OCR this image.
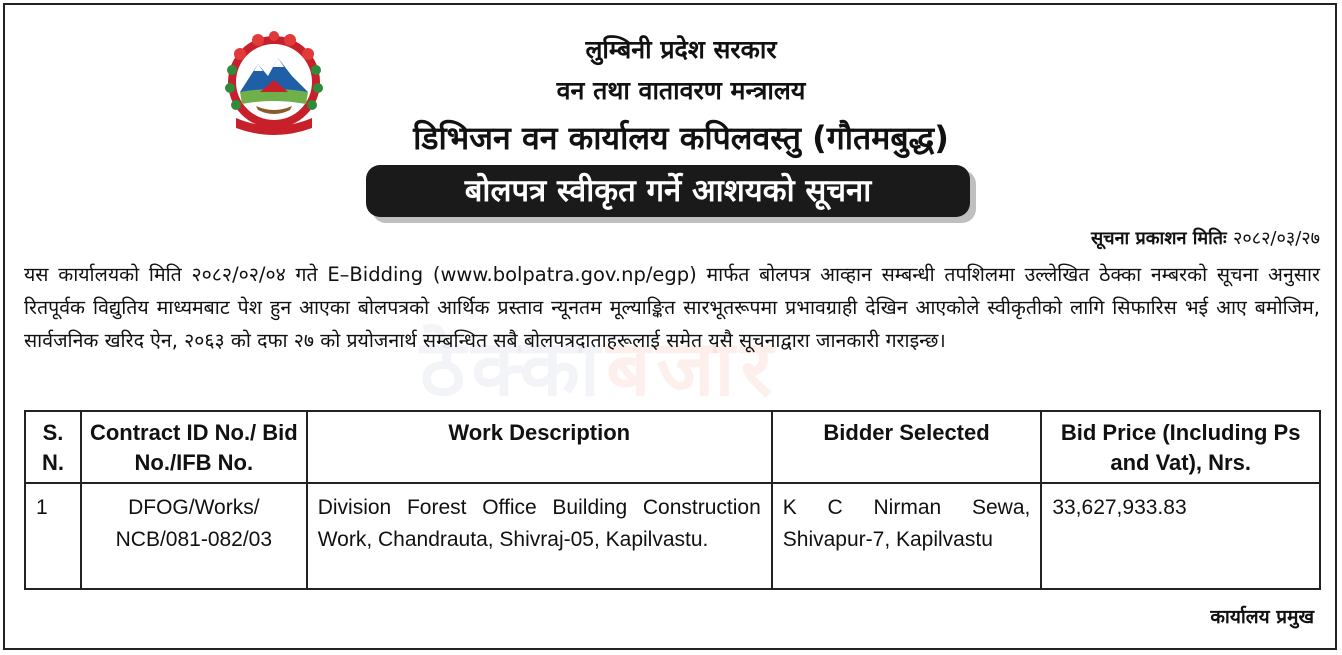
लुम्बिनी प्रदेश सरकार
वन तथा वातावरण मन्त्रालय
डिभिजन वन कार्यालय कपिलवस्तु (गौतमबुद्ध)
बोलपत्र स्वीकृत गर्ने आशयको सूचना
सूचना प्रकाशन मितिः २०८२/०३/२७
ठेक्काबजार
यस कार्यालयको मिति २०८२/०२/०४ गते E–Bidding (www.bolpatra.gov.np/egp) मार्फत बोलपत्र आव्हान सम्बन्धी तपशिलमा उल्लेखित ठेक्का नम्बरको सूचना अनुसार रितपूर्वक विद्युतिय माध्यमबाट पेश हुन आएका बोलपत्रको आर्थिक प्रस्ताव न्यूनतम मूल्याङ्कित सारभूतरूपमा प्रभावग्राही देखिन आएकोले स्वीकृतीको लागि सिफारिस भई आए बमोजिम, सार्वजनिक खरिद ऐन, २०६३ को दफा २७ को प्रयोजनार्थ सम्बन्धित सबै बोलपत्रदाताहरूलाई समेत यसै सूचनाद्वारा जानकारी गराइन्छ।
S. N.	Contract ID No./ Bid No./IFB No.	Work Description	Bidder Selected	Bid Price (Including Ps and Vat), Nrs.
1	DFOG/Works/ NCB/081-082/03	Division Forest Office Building Construction Work, Chandrauta, Shivraj-05, Kapilvastu.	K C Nirman Sewa, Shivapur-7, Kapilvastu	33,627,933.83
कार्यालय प्रमुख
